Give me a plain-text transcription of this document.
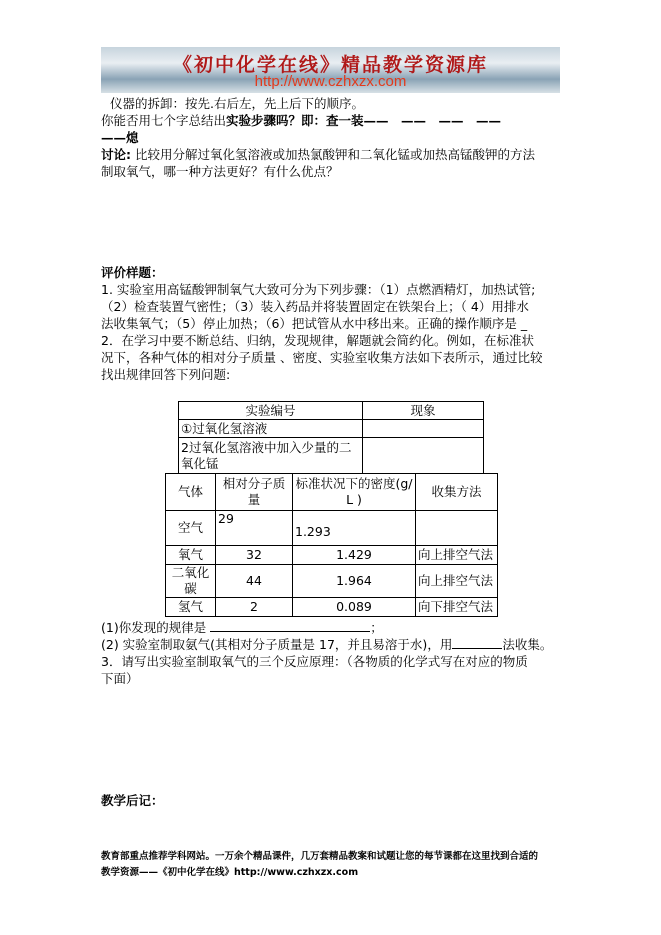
《初中化学在线》精品教学资源库
http://www.czhxzx.com
仪器的拆卸：按先.右后左，先上后下的顺序。
你能否用七个字总结出实验步骤吗？即：查一装——　——　——　——
——熄
讨论: 比较用分解过氧化氢溶液或加热氯酸钾和二氧化锰或加热高锰酸钾的方法
制取氧气，哪一种方法更好？有什么优点？
评价样题：
1. 实验室用高锰酸钾制氧气大致可分为下列步骤：（1）点燃酒精灯，加热试管;
（2）检查装置气密性；（3）装入药品并将装置固定在铁架台上；（ 4）用排水
法收集氧气；（5）停止加热；（6）把试管从水中移出来。正确的操作顺序是 _
2．在学习中要不断总结、归纳，发现规律，解题就会简约化。例如，在标准状
况下，各种气体的相对分子质量 、密度、实验室收集方法如下表所示，通过比较
找出规律回答下列问题:
实验编号	现象
①过氧化氢溶液	
2过氧化氢溶液中加入少量的二氧化锰	
气体	相对分子质量	标准状况下的密度(g/L )	收集方法
空气	29	1.293	
氧气	32	1.429	向上排空气法
二氧化碳	44	1.964	向上排空气法
氢气	2	0.089	向下排空气法
(1)你发现的规律是	；
(2) 实验室制取氨气(其相对分子质量是 17，并且易溶于水)，用	法收集。
3．请写出实验室制取氧气的三个反应原理：（各物质的化学式写在对应的物质
下面）
教学后记：
教育部重点推荐学科网站。一万余个精品课件，几万套精品教案和试题让您的每节课都在这里找到合适的
教学资源——《初中化学在线》http://www.czhxzx.com
